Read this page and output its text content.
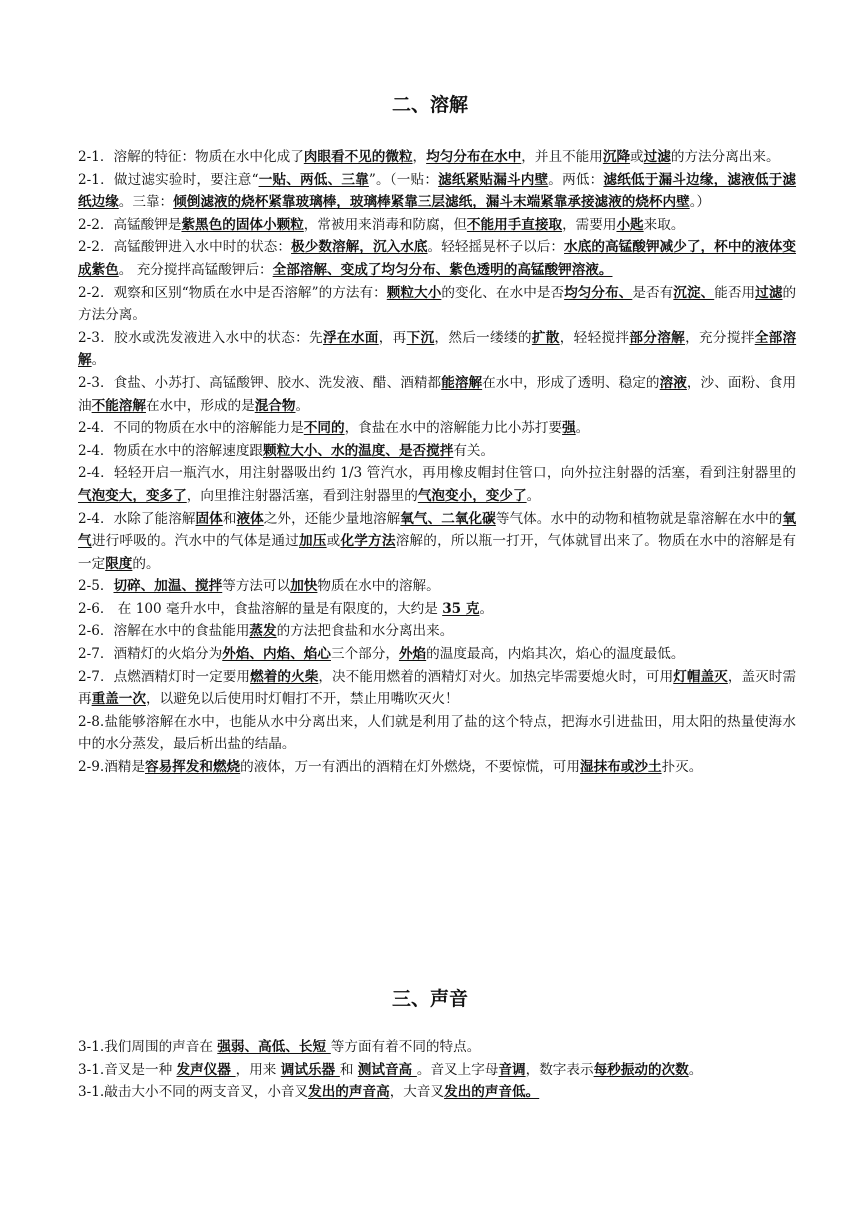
二、溶解

2-1．溶解的特征：物质在水中化成了肉眼看不见的微粒，均匀分布在水中，并且不能用沉降或过滤的方法分离出来。

2-1．做过滤实验时，要注意“一贴、两低、三靠”。（一贴：滤纸紧贴漏斗内壁。两低：滤纸低于漏斗边缘，滤液低于滤纸边缘。三靠：倾倒滤液的烧杯紧靠玻璃棒，玻璃棒紧靠三层滤纸，漏斗末端紧靠承接滤液的烧杯内壁。）

2-2．高锰酸钾是紫黑色的固体小颗粒，常被用来消毒和防腐，但不能用手直接取，需要用小匙来取。

2-2．高锰酸钾进入水中时的状态：极少数溶解，沉入水底。轻轻摇晃杯子以后：水底的高锰酸钾减少了，杯中的液体变成紫色。 充分搅拌高锰酸钾后：全部溶解、变成了均匀分布、紫色透明的高锰酸钾溶液。

2-2．观察和区别“物质在水中是否溶解”的方法有：颗粒大小的变化、在水中是否均匀分布、是否有沉淀、能否用过滤的方法分离。

2-3．胶水或洗发液进入水中的状态：先浮在水面，再下沉，然后一缕缕的扩散，轻轻搅拌部分溶解，充分搅拌全部溶解。

2-3．食盐、小苏打、高锰酸钾、胶水、洗发液、醋、酒精都能溶解在水中，形成了透明、稳定的溶液，沙、面粉、食用油不能溶解在水中，形成的是混合物。

2-4．不同的物质在水中的溶解能力是不同的，食盐在水中的溶解能力比小苏打要强。

2-4．物质在水中的溶解速度跟颗粒大小、水的温度、是否搅拌有关。

2-4．轻轻开启一瓶汽水，用注射器吸出约 1/3 管汽水，再用橡皮帽封住管口，向外拉注射器的活塞，看到注射器里的气泡变大，变多了，向里推注射器活塞，看到注射器里的气泡变小，变少了。

2-4．水除了能溶解固体和液体之外，还能少量地溶解氧气、二氧化碳等气体。水中的动物和植物就是靠溶解在水中的氧气进行呼吸的。汽水中的气体是通过加压或化学方法溶解的，所以瓶一打开，气体就冒出来了。物质在水中的溶解是有一定限度的。

2-5．切碎、加温、搅拌等方法可以加快物质在水中的溶解。

2-6． 在 100 毫升水中，食盐溶解的量是有限度的，大约是 35 克。

2-6．溶解在水中的食盐能用蒸发的方法把食盐和水分离出来。

2-7．酒精灯的火焰分为外焰、内焰、焰心三个部分，外焰的温度最高，内焰其次，焰心的温度最低。

2-7．点燃酒精灯时一定要用燃着的火柴，决不能用燃着的酒精灯对火。加热完毕需要熄火时，可用灯帽盖灭，盖灭时需再重盖一次，以避免以后使用时灯帽打不开，禁止用嘴吹灭火！

2-8.盐能够溶解在水中，也能从水中分离出来，人们就是利用了盐的这个特点，把海水引进盐田，用太阳的热量使海水中的水分蒸发，最后析出盐的结晶。

2-9.酒精是容易挥发和燃烧的液体，万一有洒出的酒精在灯外燃烧，不要惊慌，可用湿抹布或沙土扑灭。

三、声音

3-1.我们周围的声音在 强弱、高低、长短 等方面有着不同的特点。

3-1.音叉是一种 发声仪器 ，用来 调试乐器 和 测试音高 。音叉上字母音调，数字表示每秒振动的次数。

3-1.敲击大小不同的两支音叉，小音叉发出的声音高，大音叉发出的声音低。
